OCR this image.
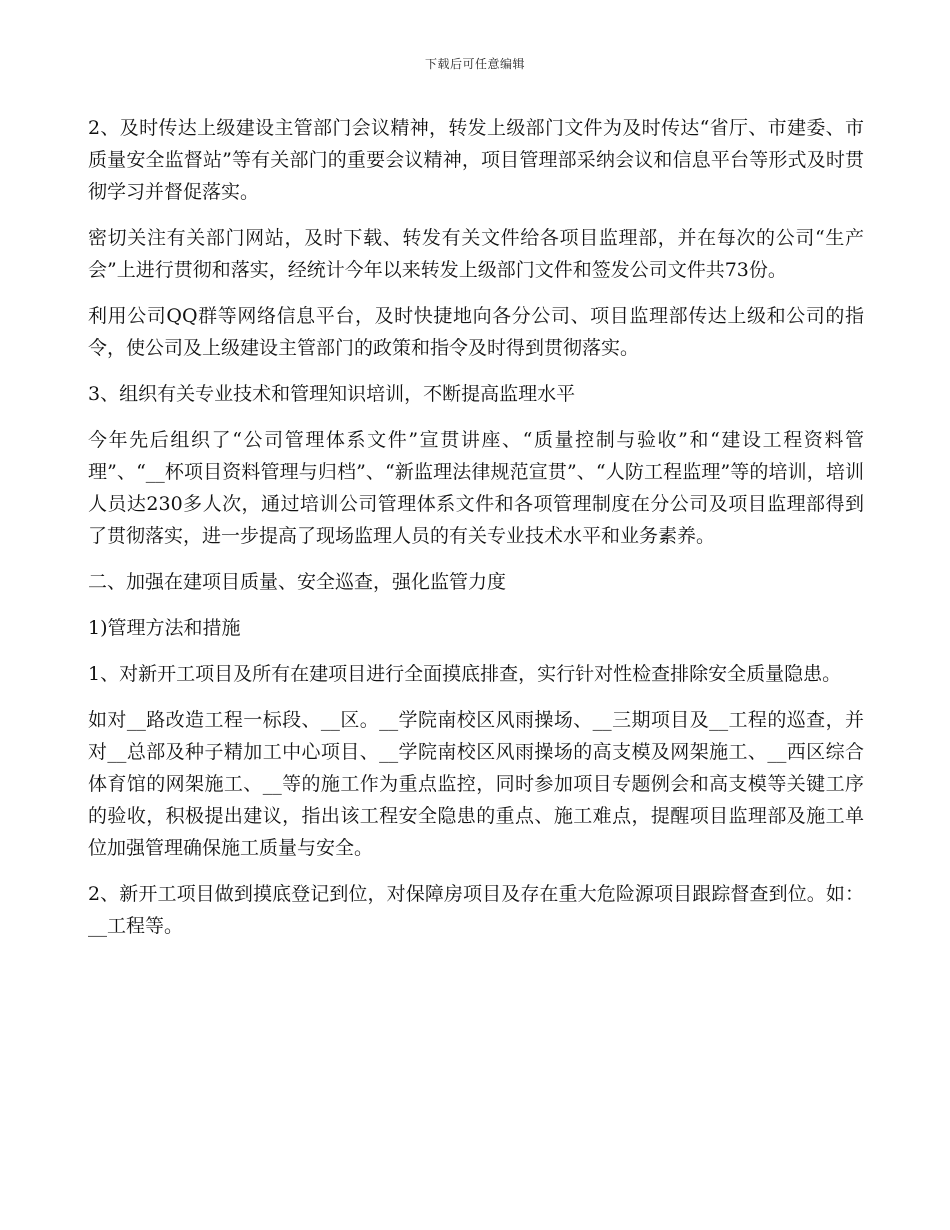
下载后可任意编辑

2、及时传达上级建设主管部门会议精神，转发上级部门文件为及时传达“省厅、市建委、市质量安全监督站”等有关部门的重要会议精神，项目管理部采纳会议和信息平台等形式及时贯彻学习并督促落实。

密切关注有关部门网站，及时下载、转发有关文件给各项目监理部，并在每次的公司“生产会”上进行贯彻和落实，经统计今年以来转发上级部门文件和签发公司文件共73份。

利用公司QQ群等网络信息平台，及时快捷地向各分公司、项目监理部传达上级和公司的指令，使公司及上级建设主管部门的政策和指令及时得到贯彻落实。

3、组织有关专业技术和管理知识培训，不断提高监理水平

今年先后组织了“公司管理体系文件”宣贯讲座、“质量控制与验收”和“建设工程资料管理”、“__杯项目资料管理与归档”、“新监理法律规范宣贯”、“人防工程监理”等的培训，培训人员达230多人次，通过培训公司管理体系文件和各项管理制度在分公司及项目监理部得到了贯彻落实，进一步提高了现场监理人员的有关专业技术水平和业务素养。

二、加强在建项目质量、安全巡查，强化监管力度

1)管理方法和措施

1、对新开工项目及所有在建项目进行全面摸底排查，实行针对性检查排除安全质量隐患。

如对__路改造工程一标段、__区。__学院南校区风雨操场、__三期项目及__工程的巡查，并对__总部及种子精加工中心项目、__学院南校区风雨操场的高支模及网架施工、__西区综合体育馆的网架施工、__等的施工作为重点监控，同时参加项目专题例会和高支模等关键工序的验收，积极提出建议，指出该工程安全隐患的重点、施工难点，提醒项目监理部及施工单位加强管理确保施工质量与安全。

2、新开工项目做到摸底登记到位，对保障房项目及存在重大危险源项目跟踪督查到位。如：__工程等。
